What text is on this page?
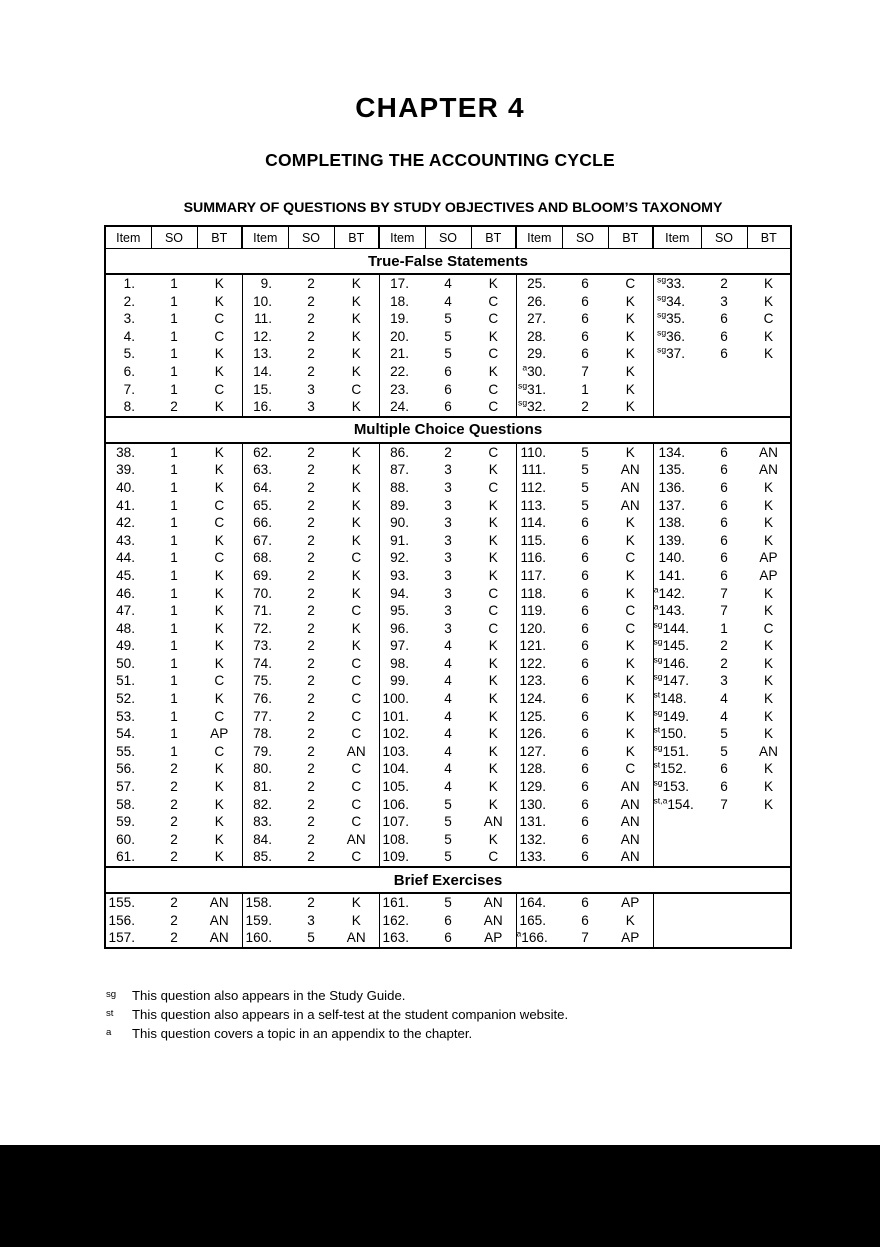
CHAPTER 4
COMPLETING THE ACCOUNTING CYCLE
SUMMARY OF QUESTIONS BY STUDY OBJECTIVES AND BLOOM’S TAXONOMY
Item	SO	BT	Item	SO	BT	Item	SO	BT	Item	SO	BT	Item	SO	BT
True-False Statements														
1.	1	K	9.	2	K	17.	4	K	25.	6	C	$^{sg}$33.	2	K
2.	1	K	10.	2	K	18.	4	C	26.	6	K	$^{sg}$34.	3	K
3.	1	C	11.	2	K	19.	5	C	27.	6	K	$^{sg}$35.	6	C
4.	1	C	12.	2	K	20.	5	K	28.	6	K	$^{sg}$36.	6	K
5.	1	K	13.	2	K	21.	5	C	29.	6	K	$^{sg}$37.	6	K
6.	1	K	14.	2	K	22.	6	K	$^a$30.	7	K			
7.	1	C	15.	3	C	23.	6	C	$^{sg}$31.	1	K			
8.	2	K	16.	3	K	24.	6	C	$^{sg}$32.	2	K			
Multiple Choice Questions														
38.	1	K	62.	2	K	86.	2	C	110.	5	K	134.	6	AN
39.	1	K	63.	2	K	87.	3	K	111.	5	AN	135.	6	AN
40.	1	K	64.	2	K	88.	3	C	112.	5	AN	136.	6	K
41.	1	C	65.	2	K	89.	3	K	113.	5	AN	137.	6	K
42.	1	C	66.	2	K	90.	3	K	114.	6	K	138.	6	K
43.	1	K	67.	2	K	91.	3	K	115.	6	K	139.	6	K
44.	1	C	68.	2	C	92.	3	K	116.	6	C	140.	6	AP
45.	1	K	69.	2	K	93.	3	K	117.	6	K	141.	6	AP
46.	1	K	70.	2	K	94.	3	C	118.	6	K	$^a$142.	7	K
47.	1	K	71.	2	C	95.	3	C	119.	6	C	$^a$143.	7	K
48.	1	K	72.	2	K	96.	3	C	120.	6	C	$^{sg}$144.	1	C
49.	1	K	73.	2	K	97.	4	K	121.	6	K	$^{sg}$145.	2	K
50.	1	K	74.	2	C	98.	4	K	122.	6	K	$^{sg}$146.	2	K
51.	1	C	75.	2	C	99.	4	K	123.	6	K	$^{sg}$147.	3	K
52.	1	K	76.	2	C	100.	4	K	124.	6	K	$^{st}$148.	4	K
53.	1	C	77.	2	C	101.	4	K	125.	6	K	$^{sg}$149.	4	K
54.	1	AP	78.	2	C	102.	4	K	126.	6	K	$^{st}$150.	5	K
55.	1	C	79.	2	AN	103.	4	K	127.	6	K	$^{sg}$151.	5	AN
56.	2	K	80.	2	C	104.	4	K	128.	6	C	$^{st}$152.	6	K
57.	2	K	81.	2	C	105.	4	K	129.	6	AN	$^{sg}$153.	6	K
58.	2	K	82.	2	C	106.	5	K	130.	6	AN	$^{st,a}$154.	7	K
59.	2	K	83.	2	C	107.	5	AN	131.	6	AN			
60.	2	K	84.	2	AN	108.	5	K	132.	6	AN			
61.	2	K	85.	2	C	109.	5	C	133.	6	AN			
Brief Exercises														
155.	2	AN	158.	2	K	161.	5	AN	164.	6	AP			
156.	2	AN	159.	3	K	162.	6	AN	165.	6	K			
157.	2	AN	160.	5	AN	163.	6	AP	$^a$166.	7	AP			
sg	This question also appears in the Study Guide.
st	This question also appears in a self-test at the student companion website.
a	This question covers a topic in an appendix to the chapter.
